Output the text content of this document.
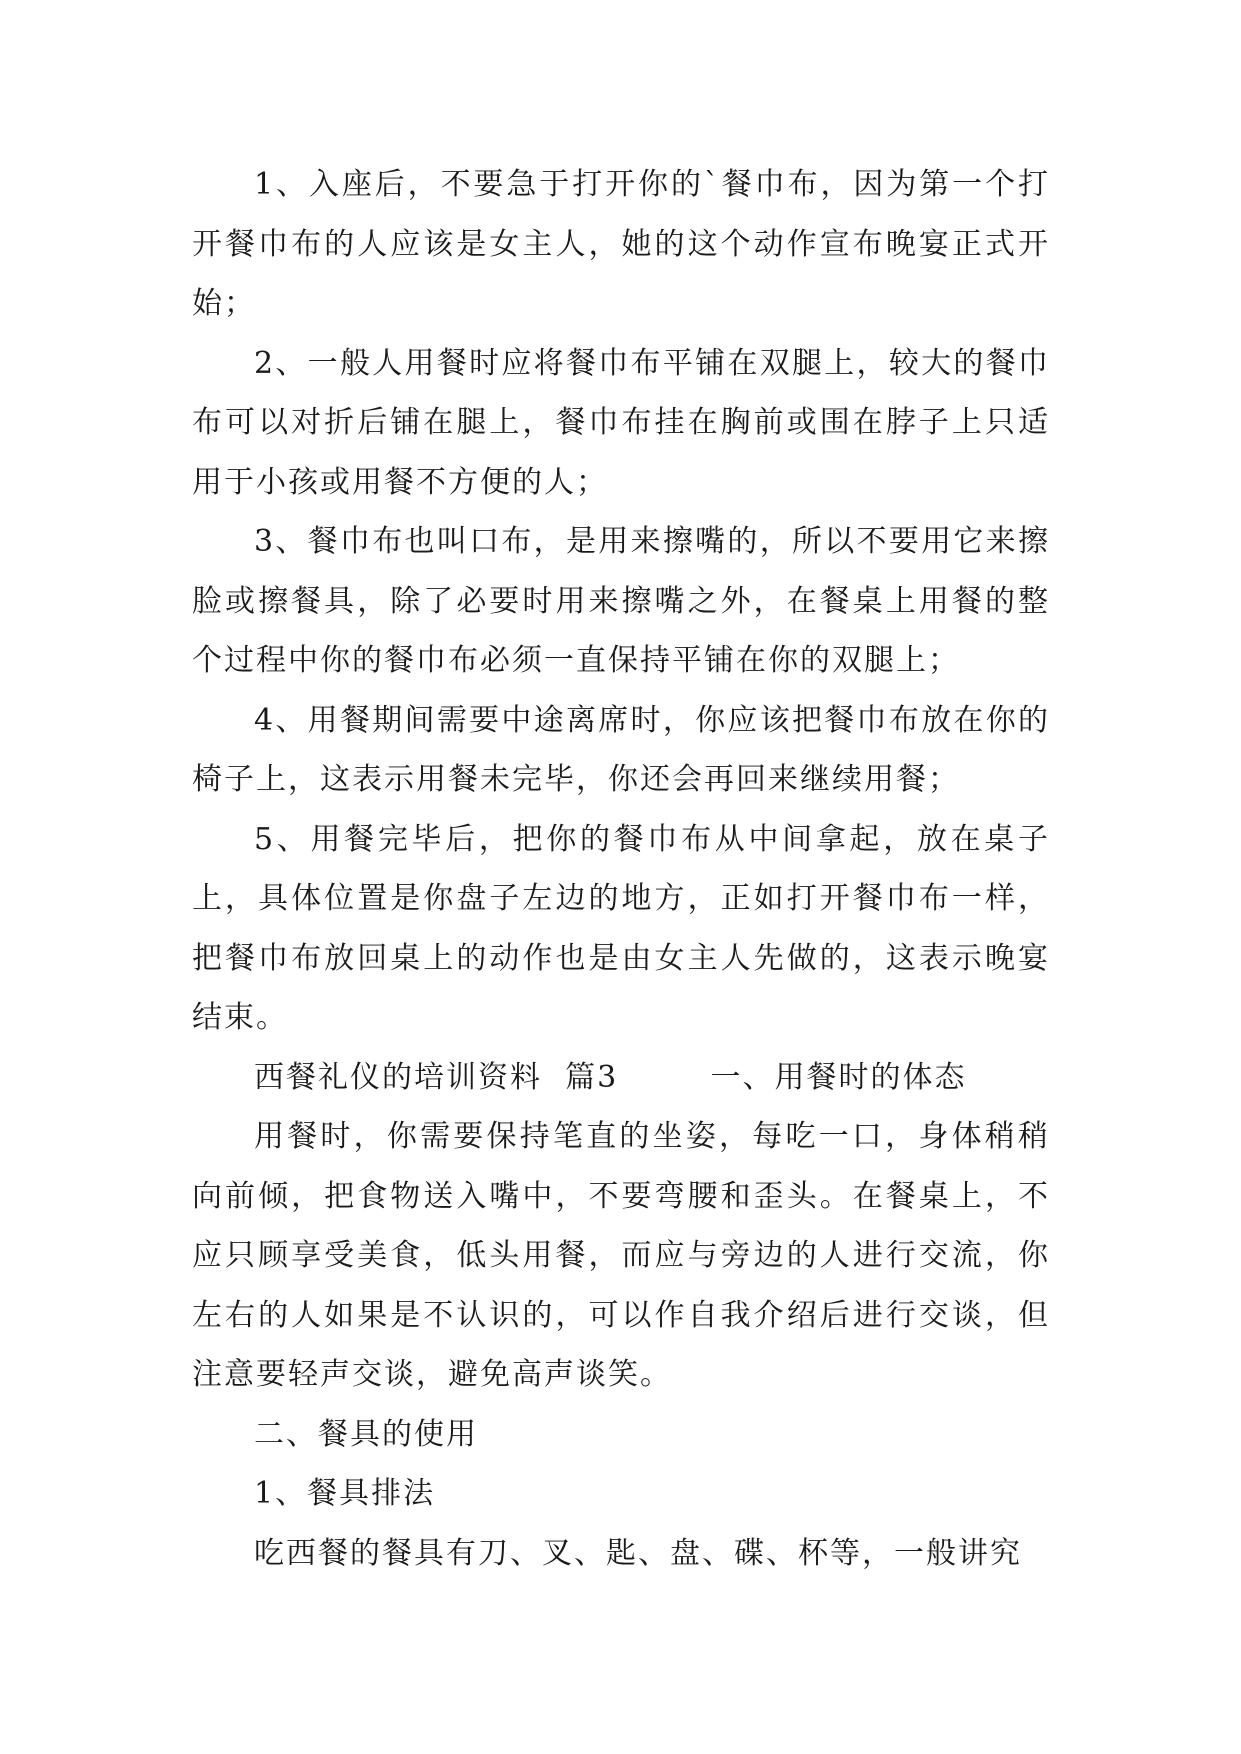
1、入座后，不要急于打开你的`餐巾布，因为第一个打开餐巾布的人应该是女主人，她的这个动作宣布晚宴正式开始；

2、一般人用餐时应将餐巾布平铺在双腿上，较大的餐巾布可以对折后铺在腿上，餐巾布挂在胸前或围在脖子上只适用于小孩或用餐不方便的人；

3、餐巾布也叫口布，是用来擦嘴的，所以不要用它来擦脸或擦餐具，除了必要时用来擦嘴之外，在餐桌上用餐的整个过程中你的餐巾布必须一直保持平铺在你的双腿上；

4、用餐期间需要中途离席时，你应该把餐巾布放在你的椅子上，这表示用餐未完毕，你还会再回来继续用餐；

5、用餐完毕后，把你的餐巾布从中间拿起，放在桌子上，具体位置是你盘子左边的地方，正如打开餐巾布一样，把餐巾布放回桌上的动作也是由女主人先做的，这表示晚宴结束。

西餐礼仪的培训资料  篇3        一、用餐时的体态

用餐时，你需要保持笔直的坐姿，每吃一口，身体稍稍向前倾，把食物送入嘴中，不要弯腰和歪头。在餐桌上，不应只顾享受美食，低头用餐，而应与旁边的人进行交流，你左右的人如果是不认识的，可以作自我介绍后进行交谈，但注意要轻声交谈，避免高声谈笑。

二、餐具的使用

1、餐具排法

吃西餐的餐具有刀、叉、匙、盘、碟、杯等，一般讲究
